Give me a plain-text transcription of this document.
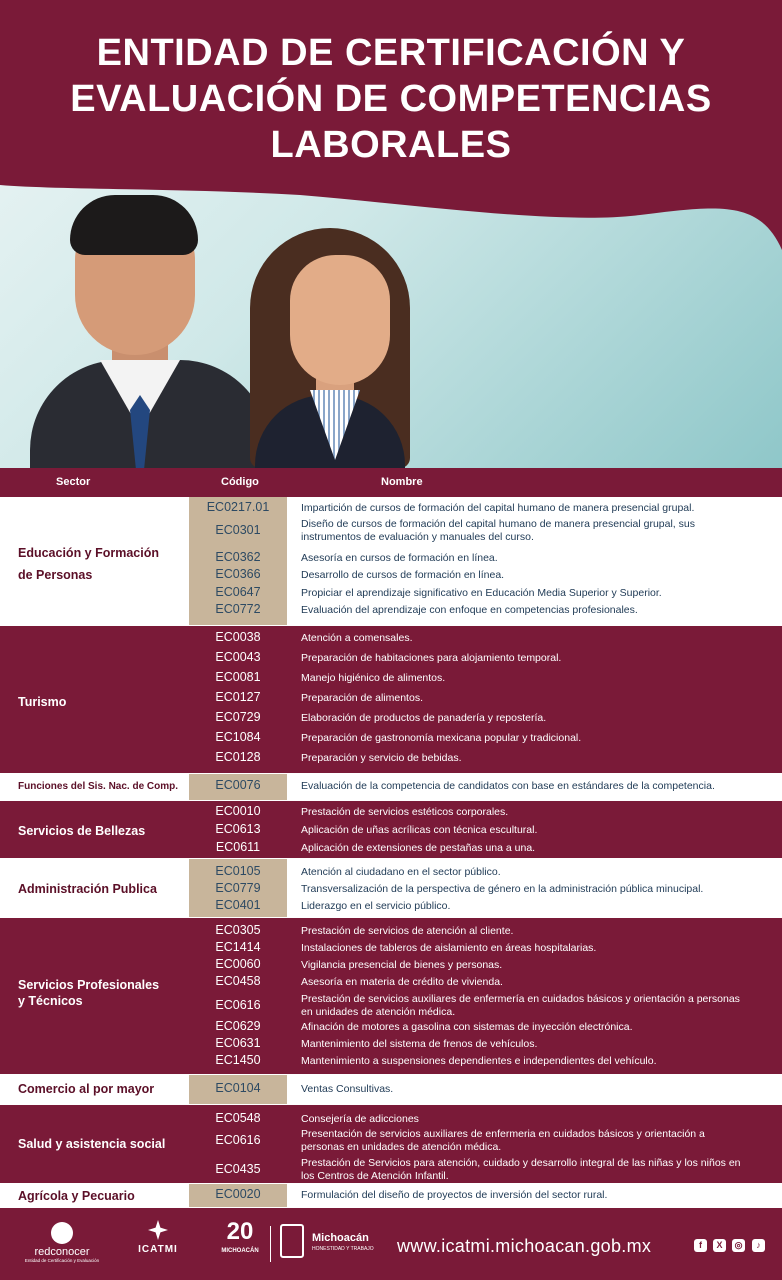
ENTIDAD DE CERTIFICACIÓN Y
EVALUACIÓN DE COMPETENCIAS
LABORALES
Sector	Código	Nombre
Educación y Formación
de Personas
EC0217.01	Impartición de cursos de formación del capital humano de manera presencial grupal.
EC0301	Diseño de cursos de formación del capital humano de manera presencial grupal, sus instrumentos de evaluación y manuales del curso.
EC0362	Asesoría en cursos de formación en línea.
EC0366	Desarrollo de cursos de formación en línea.
EC0647	Propiciar el aprendizaje significativo en Educación Media Superior y Superior.
EC0772	Evaluación del aprendizaje con enfoque en competencias profesionales.
Turismo
EC0038	Atención a comensales.
EC0043	Preparación de habitaciones para alojamiento temporal.
EC0081	Manejo higiénico de alimentos.
EC0127	Preparación de alimentos.
EC0729	Elaboración de productos de panadería y repostería.
EC1084	Preparación de gastronomía mexicana popular y tradicional.
EC0128	Preparación y servicio de bebidas.
Funciones del Sis. Nac. de Comp.	EC0076	Evaluación de la competencia de candidatos con base en estándares de la competencia.
Servicios de Bellezas
EC0010	Prestación de servicios estéticos corporales.
EC0613	Aplicación de uñas acrílicas con técnica escultural.
EC0611	Aplicación de extensiones de pestañas una a una.
Administración Publica
EC0105	Atención al ciudadano en el sector público.
EC0779	Transversalización de la perspectiva de género en la administración pública minucipal.
EC0401	Liderazgo en el servicio público.
Servicios Profesionales
y Técnicos
EC0305	Prestación de servicios de atención al cliente.
EC1414	Instalaciones de tableros de aislamiento en áreas hospitalarias.
EC0060	Vigilancia presencial de bienes y personas.
EC0458	Asesoría en materia de crédito de vivienda.
EC0616	Prestación de servicios auxiliares de enfermería en cuidados básicos y orientación a personas en unidades de atención médica.
EC0629	Afinación de motores a gasolina con sistemas de inyección electrónica.
EC0631	Mantenimiento del sistema de frenos de vehículos.
EC1450	Mantenimiento a suspensiones dependientes e independientes del vehículo.
Comercio al por mayor	EC0104	Ventas Consultivas.
Salud y asistencia social
EC0548	Consejería de adicciones
EC0616	Presentación de servicios auxiliares de enfermeria en cuidados básicos y orientación a personas en unidades de atención médica.
EC0435	Prestación de Servicios para atención, cuidado y desarrollo integral de las niñas y los niños en los Centros de Atención Infantil.
Agrícola y Pecuario	EC0020	Formulación del diseño de proyectos de inversión del sector rural.
redconocer
Entidad de Certificación y Evaluación
ICATMI
20
MICHOACÁN
Michoacán
HONESTIDAD Y TRABAJO www.icatmi.michoacan.gob.mx	f	X	◎	♪
